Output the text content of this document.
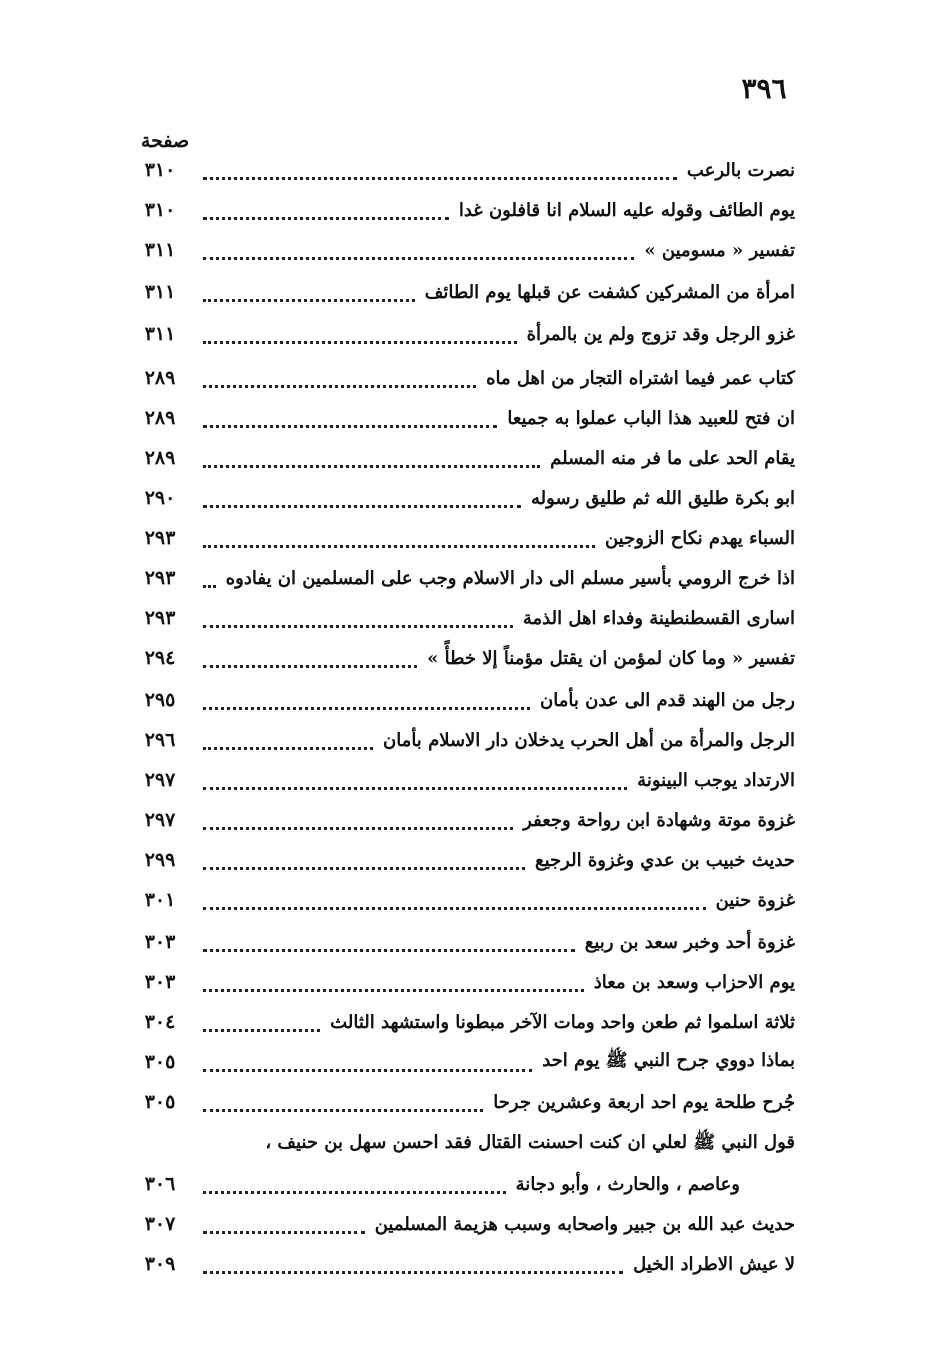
٣٩٦
صفحة
٣١٠	نصرت بالرعب
٣١٠	يوم الطائف وقوله عليه السلام انا قافلون غدا
٣١١	تفسير « مسومين »
٣١١	امرأة من المشركين كشفت عن قبلها يوم الطائف
٣١١	غزو الرجل وقد تزوج ولم ين بالمرأة
٢٨٩	كتاب عمر فيما اشتراه التجار من اهل ماه
٢٨٩	ان فتح للعبيد هذا الباب عملوا به جميعا
٢٨٩	يقام الحد على ما فر منه المسلم
٢٩٠	ابو بكرة طليق الله ثم طليق رسوله
٢٩٣	السباء يهدم نكاح الزوجين
٢٩٣	اذا خرج الرومي بأسير مسلم الى دار الاسلام وجب على المسلمين ان يفادوه
٢٩٣	اسارى القسطنطينة وفداء اهل الذمة
٢٩٤	تفسير « وما كان لمؤمن ان يقتل مؤمناً إلا خطأً »
٢٩٥	رجل من الهند قدم الى عدن بأمان
٢٩٦	الرجل والمرأة من أهل الحرب يدخلان دار الاسلام بأمان
٢٩٧	الارتداد يوجب البينونة
٢٩٧	غزوة موتة وشهادة ابن رواحة وجعفر
٢٩٩	حديث خبيب بن عدي وغزوة الرجيع
٣٠١	غزوة حنين
٣٠٣	غزوة أحد وخبر سعد بن ربيع
٣٠٣	يوم الاحزاب وسعد بن معاذ
٣٠٤	ثلاثة اسلموا ثم طعن واحد ومات الآخر مبطونا واستشهد الثالث
٣٠٥	بماذا دووي جرح النبي ﷺ يوم احد
٣٠٥	جُرح طلحة يوم احد اربعة وعشرين جرحا
قول النبي ﷺ لعلي ان كنت احسنت القتال فقد احسن سهل بن حنيف ،
٣٠٦	وعاصم ، والحارث ، وأبو دجانة
٣٠٧	حديث عبد الله بن جبير واصحابه وسبب هزيمة المسلمين
٣٠٩	لا عيش الاطراد الخيل
